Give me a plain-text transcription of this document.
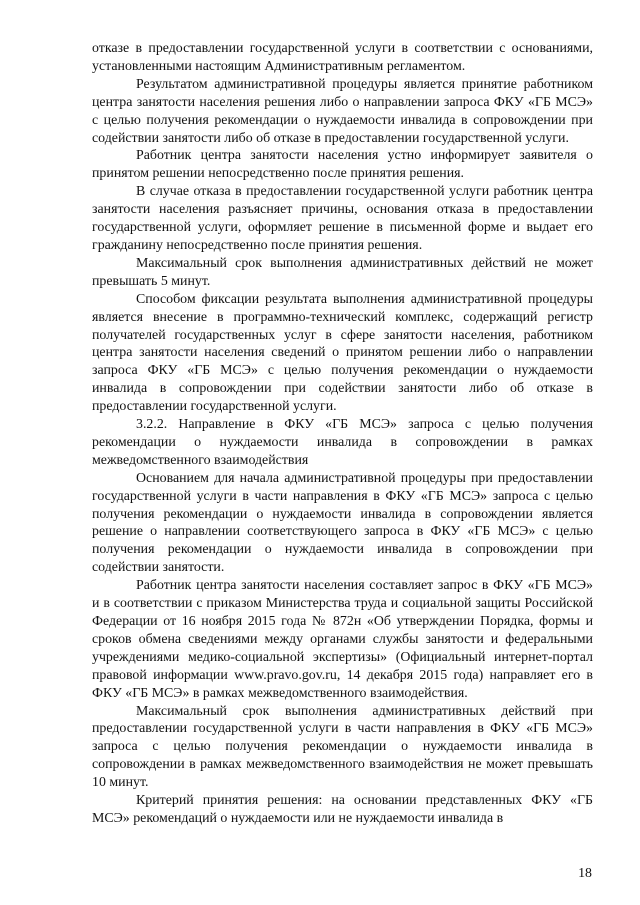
отказе в предоставлении государственной услуги в соответствии с основаниями, установленными настоящим Административным регламентом.

Результатом административной процедуры является принятие работником центра занятости населения решения либо о направлении запроса ФКУ «ГБ МСЭ» с целью получения рекомендации о нуждаемости инвалида в сопровождении при содействии занятости либо об отказе в предоставлении государственной услуги.

Работник центра занятости населения устно информирует заявителя о принятом решении непосредственно после принятия решения.

В случае отказа в предоставлении государственной услуги работник центра занятости населения разъясняет причины, основания отказа в предоставлении государственной услуги, оформляет решение в письменной форме и выдает его гражданину непосредственно после принятия решения.

Максимальный срок выполнения административных действий не может превышать 5 минут.

Способом фиксации результата выполнения административной процедуры является внесение в программно-технический комплекс, содержащий регистр получателей государственных услуг в сфере занятости населения, работником центра занятости населения сведений о принятом решении либо о направлении запроса ФКУ «ГБ МСЭ» с целью получения рекомендации о нуждаемости инвалида в сопровождении при содействии занятости либо об отказе в предоставлении государственной услуги.

3.2.2. Направление в ФКУ «ГБ МСЭ» запроса с целью получения рекомендации о нуждаемости инвалида в сопровождении в рамках межведомственного взаимодействия

Основанием для начала административной процедуры при предоставлении государственной услуги в части направления в ФКУ «ГБ МСЭ» запроса с целью получения рекомендации о нуждаемости инвалида в сопровождении является решение о направлении соответствующего запроса в ФКУ «ГБ МСЭ» с целью получения рекомендации о нуждаемости инвалида в сопровождении при содействии занятости.

Работник центра занятости населения составляет запрос в ФКУ «ГБ МСЭ» и в соответствии с приказом Министерства труда и социальной защиты Российской Федерации от 16 ноября 2015 года № 872н «Об утверждении Порядка, формы и сроков обмена сведениями между органами службы занятости и федеральными учреждениями медико-социальной экспертизы» (Официальный интернет-портал правовой информации www.pravo.gov.ru, 14 декабря 2015 года) направляет его в ФКУ «ГБ МСЭ» в рамках межведомственного взаимодействия.

Максимальный срок выполнения административных действий при предоставлении государственной услуги в части направления в ФКУ «ГБ МСЭ» запроса с целью получения рекомендации о нуждаемости инвалида в сопровождении в рамках межведомственного взаимодействия не может превышать 10 минут.

Критерий принятия решения: на основании представленных ФКУ «ГБ МСЭ» рекомендаций о нуждаемости или не нуждаемости инвалида в

18
